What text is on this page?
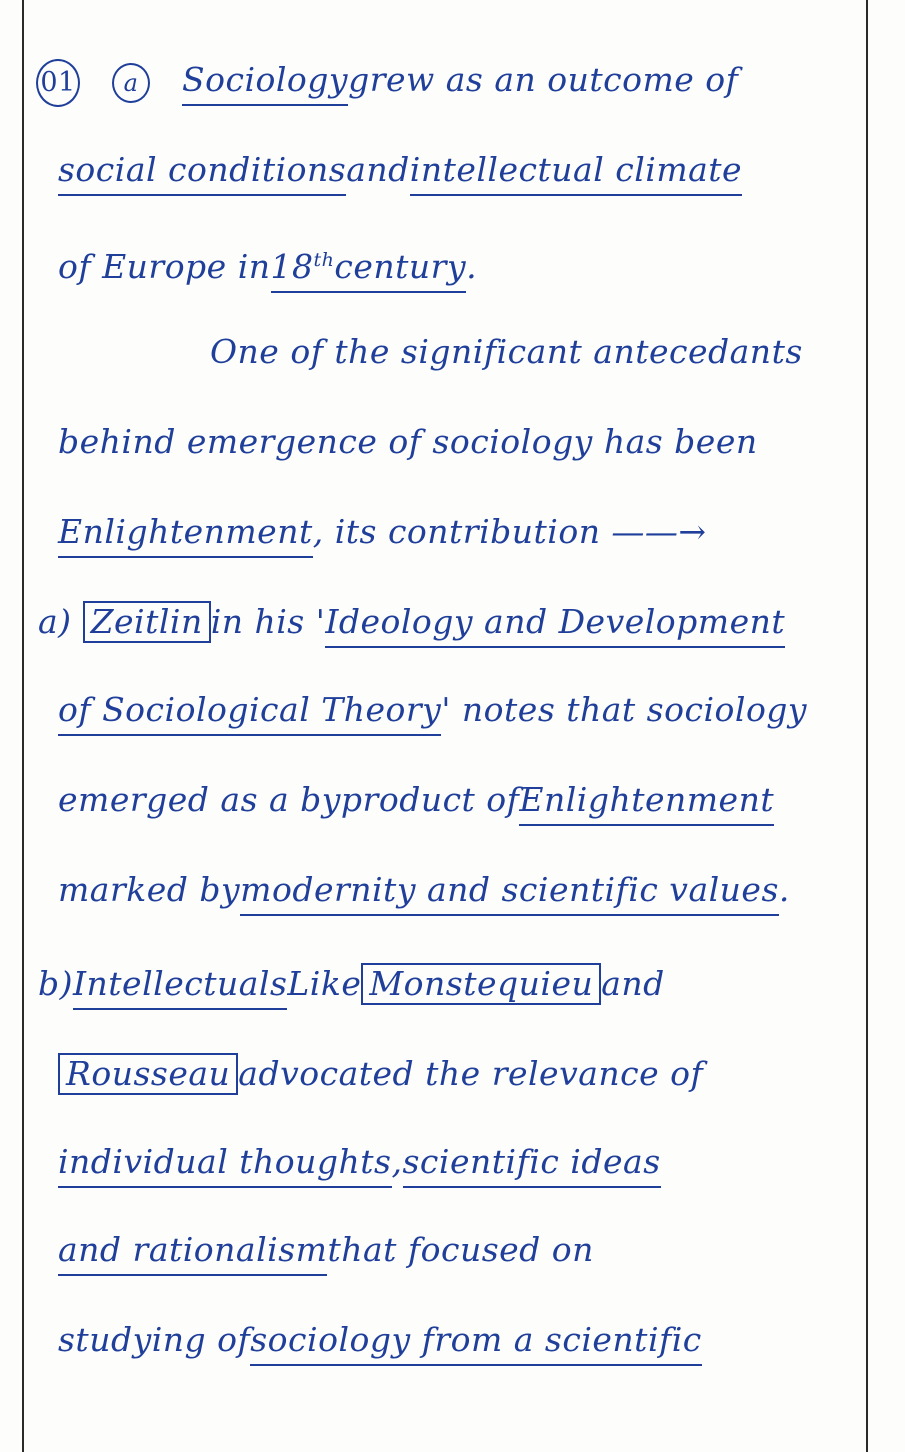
01 a Sociologygrew as an outcome of
social conditionsandintellectual climate
of Europe in18thcentury.
One of the significant antecedants
behind emergence of sociology has been
Enlightenment, its contribution ——→
a) Zeitlinin his 'Ideology and Development
of Sociological Theory' notes that sociology
emerged as a byproduct ofEnlightenment
marked bymodernity and scientific values.
b)IntellectualsLikeMonstequieuand
Rousseauadvocated the relevance of
individual thoughts,scientific ideas
and rationalismthat focused on
studying ofsociology from a scientific
